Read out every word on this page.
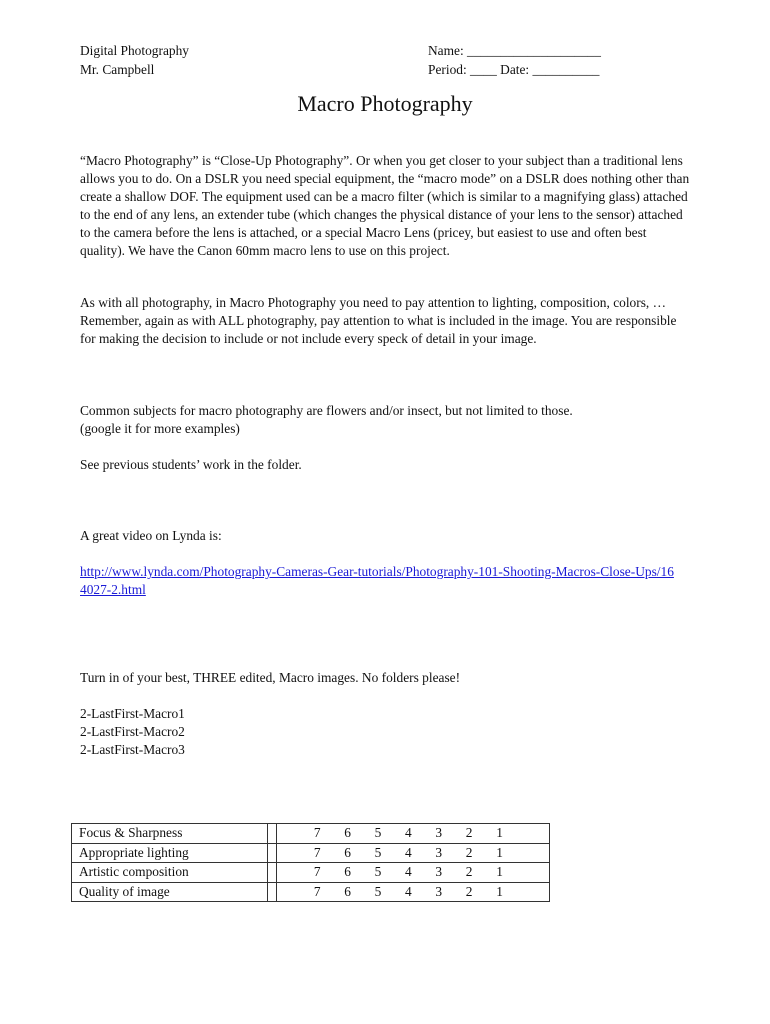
Digital Photography
Mr. Campbell
Name: ____________________
Period: ____ Date: __________
Macro Photography

“Macro Photography” is “Close-Up Photography”. Or when you get closer to your subject than a traditional lens allows you to do. On a DSLR you need special equipment, the “macro mode” on a DSLR does nothing other than create a shallow DOF. The equipment used can be a macro filter (which is similar to a magnifying glass) attached to the end of any lens, an extender tube (which changes the physical distance of your lens to the sensor) attached to the camera before the lens is attached, or a special Macro Lens (pricey, but easiest to use and often best quality). We have the Canon 60mm macro lens to use on this project.

As with all photography, in Macro Photography you need to pay attention to lighting, composition, colors, … Remember, again as with ALL photography, pay attention to what is included in the image. You are responsible for making the decision to include or not include every speck of detail in your image.

Common subjects for macro photography are flowers and/or insect, but not limited to those.

(google it for more examples)

See previous students’ work in the folder.

A great video on Lynda is:

http://www.lynda.com/Photography-Cameras-Gear-tutorials/Photography-101-Shooting-Macros-Close-Ups/164027-2.html

Turn in of your best, THREE edited, Macro images. No folders please!

2-LastFirst-Macro1

2-LastFirst-Macro2

2-LastFirst-Macro3

Focus & Sharpness		7 6 5 4 3 2 1
Appropriate lighting		7 6 5 4 3 2 1
Artistic composition		7 6 5 4 3 2 1
Quality of image		7 6 5 4 3 2 1
